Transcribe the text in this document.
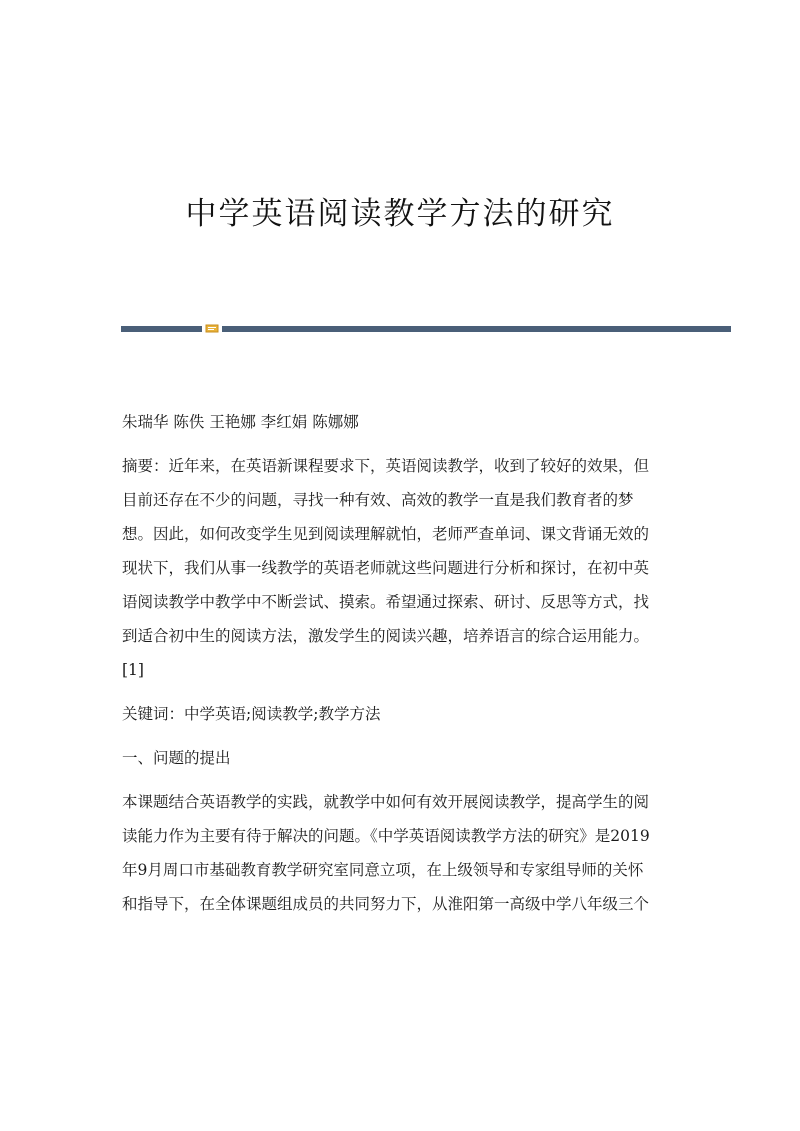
中学英语阅读教学方法的研究

朱瑞华 陈佚 王艳娜 李红娟 陈娜娜

摘要：近年来，在英语新课程要求下，英语阅读教学，收到了较好的效果，但

目前还存在不少的问题，寻找一种有效、高效的教学一直是我们教育者的梦

想。因此，如何改变学生见到阅读理解就怕，老师严查单词、课文背诵无效的

现状下，我们从事一线教学的英语老师就这些问题进行分析和探讨，在初中英

语阅读教学中教学中不断尝试、摸索。希望通过探索、研讨、反思等方式，找

到适合初中生的阅读方法，激发学生的阅读兴趣，培养语言的综合运用能力。

[1]

关键词：中学英语;阅读教学;教学方法

一、问题的提出

本课题结合英语教学的实践，就教学中如何有效开展阅读教学，提高学生的阅

读能力作为主要有待于解决的问题。《中学英语阅读教学方法的研究》是2019

年9月周口市基础教育教学研究室同意立项，在上级领导和专家组导师的关怀

和指导下，在全体课题组成员的共同努力下，从淮阳第一高级中学八年级三个
